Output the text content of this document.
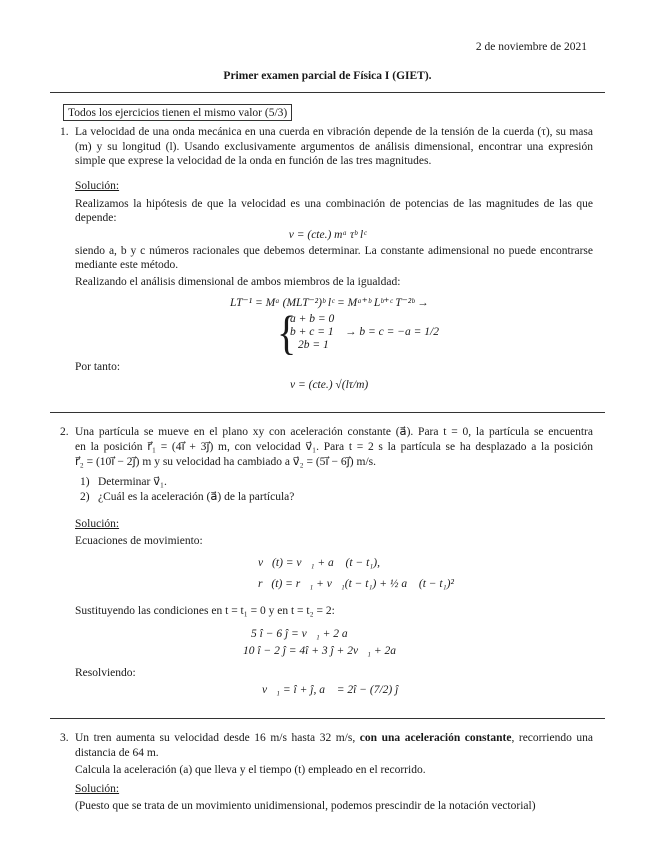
2 de noviembre de 2021
Primer examen parcial de Física I (GIET).
Todos los ejercicios tienen el mismo valor (5/3)
1. La velocidad de una onda mecánica en una cuerda en vibración depende de la tensión de la cuerda (τ), su masa
(m) y su longitud (l). Usando exclusivamente argumentos de análisis dimensional, encontrar una expresión
simple que exprese la velocidad de la onda en función de las tres magnitudes.
Solución:
Realizamos la hipótesis de que la velocidad es una combinación de potencias de las magnitudes de las que
depende:
v = (cte.) mᵃ τᵇ lᶜ
siendo a, b y c números racionales que debemos determinar. La constante adimensional no puede encontrarse
mediante este método.
Realizando el análisis dimensional de ambos miembros de la igualdad:
LT⁻¹ = Mᵃ (MLT⁻²)ᵇ lᶜ = Mᵃ⁺ᵇ Lᵇ⁺ᶜ T⁻²ᵇ →
{
a + b = 0
b + c = 1
2b = 1
→ b = c = −a = 1/2
Por tanto:
v = (cte.) √(lτ/m)
2. Una partícula se mueve en el plano xy con aceleración constante (a⃗). Para t = 0, la partícula se encuentra
en la posición r⃗₁ = (4i⃗ + 3j⃗) m, con velocidad v⃗₁. Para t = 2 s la partícula se ha desplazado a la posición
r⃗₂ = (10i⃗ − 2j⃗) m y su velocidad ha cambiado a v⃗₂ = (5i⃗ − 6j⃗) m/s.
1) Determinar v⃗₁.
2) ¿Cuál es la aceleración (a⃗) de la partícula?
Solución:
Ecuaciones de movimiento:
v⃗(t) = v⃗₁ + a⃗ (t − t₁),
r⃗(t) = r⃗₁ + v⃗₁(t − t₁) + ½ a⃗ (t − t₁)²
Sustituyendo las condiciones en t = t₁ = 0 y en t = t₂ = 2:
5 î − 6 ĵ = v⃗₁ + 2 a⃗
10 î − 2 ĵ = 4î + 3 ĵ + 2v⃗₁ + 2a⃗
Resolviendo:
v⃗₁ = î + ĵ, a⃗ = 2î − (7/2) ĵ
3. Un tren aumenta su velocidad desde 16 m/s hasta 32 m/s, con una aceleración constante, recorriendo una
distancia de 64 m.
Calcula la aceleración (a) que lleva y el tiempo (t) empleado en el recorrido.
Solución:
(Puesto que se trata de un movimiento unidimensional, podemos prescindir de la notación vectorial)
